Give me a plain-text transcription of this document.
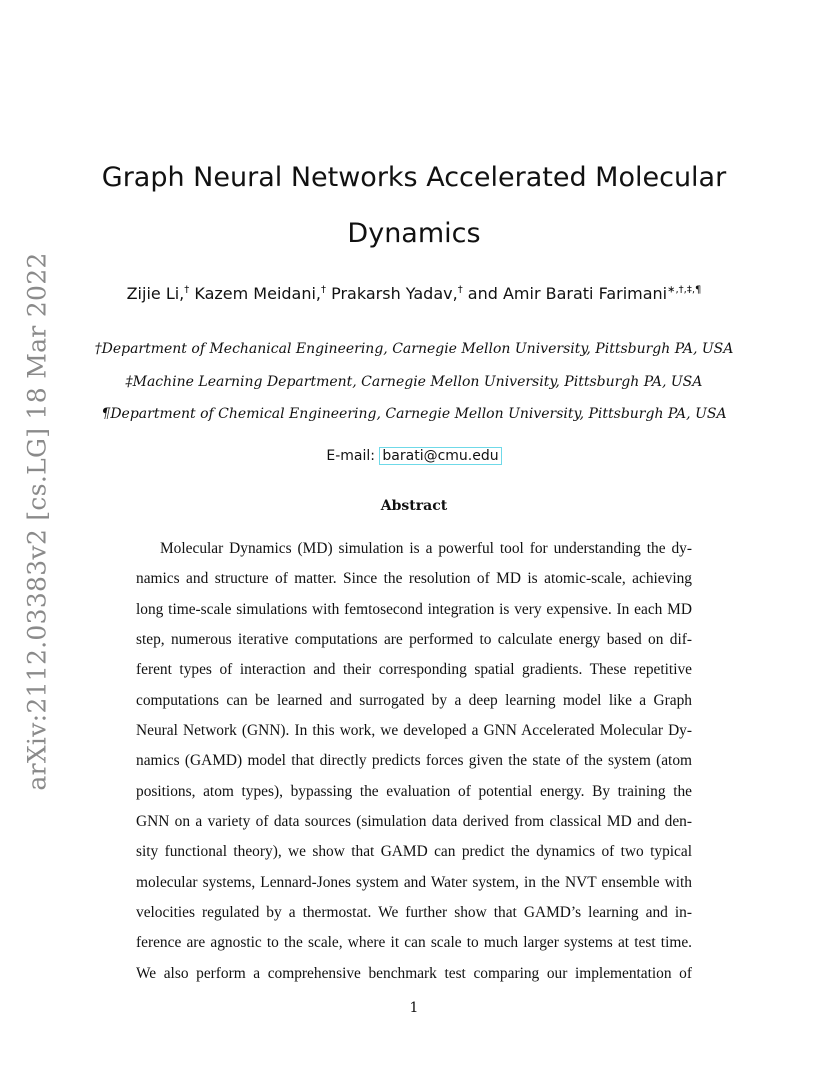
arXiv:2112.03383v2 [cs.LG] 18 Mar 2022
Graph Neural Networks Accelerated Molecular
Dynamics
Zijie Li,† Kazem Meidani,† Prakarsh Yadav,† and Amir Barati Farimani∗,†,‡,¶
†Department of Mechanical Engineering, Carnegie Mellon University, Pittsburgh PA, USA
‡Machine Learning Department, Carnegie Mellon University, Pittsburgh PA, USA
¶Department of Chemical Engineering, Carnegie Mellon University, Pittsburgh PA, USA
E-mail: barati@cmu.edu
Abstract
Molecular Dynamics (MD) simulation is a powerful tool for understanding the dy-
namics and structure of matter. Since the resolution of MD is atomic-scale, achieving
long time-scale simulations with femtosecond integration is very expensive. In each MD
step, numerous iterative computations are performed to calculate energy based on dif-
ferent types of interaction and their corresponding spatial gradients. These repetitive
computations can be learned and surrogated by a deep learning model like a Graph
Neural Network (GNN). In this work, we developed a GNN Accelerated Molecular Dy-
namics (GAMD) model that directly predicts forces given the state of the system (atom
positions, atom types), bypassing the evaluation of potential energy. By training the
GNN on a variety of data sources (simulation data derived from classical MD and den-
sity functional theory), we show that GAMD can predict the dynamics of two typical
molecular systems, Lennard-Jones system and Water system, in the NVT ensemble with
velocities regulated by a thermostat. We further show that GAMD’s learning and in-
ference are agnostic to the scale, where it can scale to much larger systems at test time.
We also perform a comprehensive benchmark test comparing our implementation of
1
